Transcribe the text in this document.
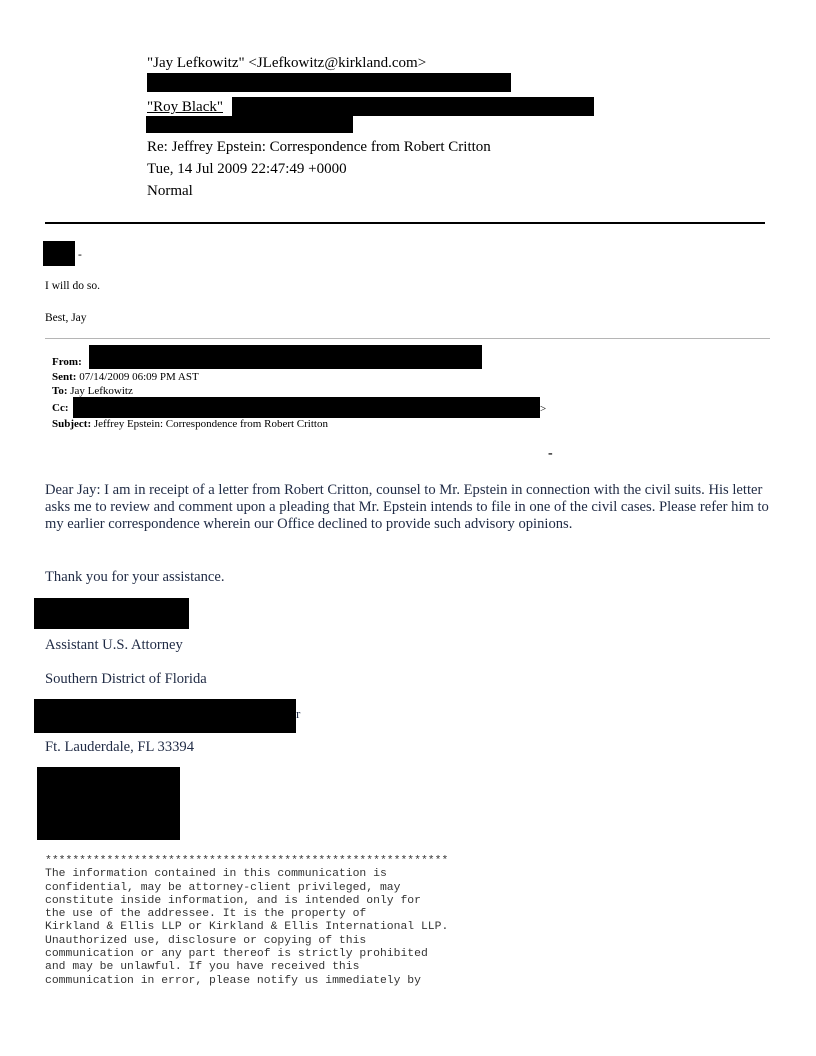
"Jay Lefkowitz" <JLefkowitz@kirkland.com>
"Roy Black"
Re: Jeffrey Epstein: Correspondence from Robert Critton
Tue, 14 Jul 2009 22:47:49 +0000
Normal
-
I will do so.
Best, Jay
From:
Sent: 07/14/2009 06:09 PM AST
To: Jay Lefkowitz
Cc:	>
Subject: Jeffrey Epstein: Correspondence from Robert Critton
-
Dear Jay: I am in receipt of a letter from Robert Critton, counsel to Mr. Epstein in connection with the civil suits. His letter asks me to review and comment upon a pleading that Mr. Epstein intends to file in one of the civil cases. Please refer him to my earlier correspondence wherein our Office declined to provide such advisory opinions.
Thank you for your assistance.
Assistant U.S. Attorney
Southern District of Florida
r
Ft. Lauderdale, FL 33394
***********************************************************
The information contained in this communication is
confidential, may be attorney-client privileged, may
constitute inside information, and is intended only for
the use of the addressee. It is the property of
Kirkland & Ellis LLP or Kirkland & Ellis International LLP.
Unauthorized use, disclosure or copying of this
communication or any part thereof is strictly prohibited
and may be unlawful. If you have received this
communication in error, please notify us immediately by
